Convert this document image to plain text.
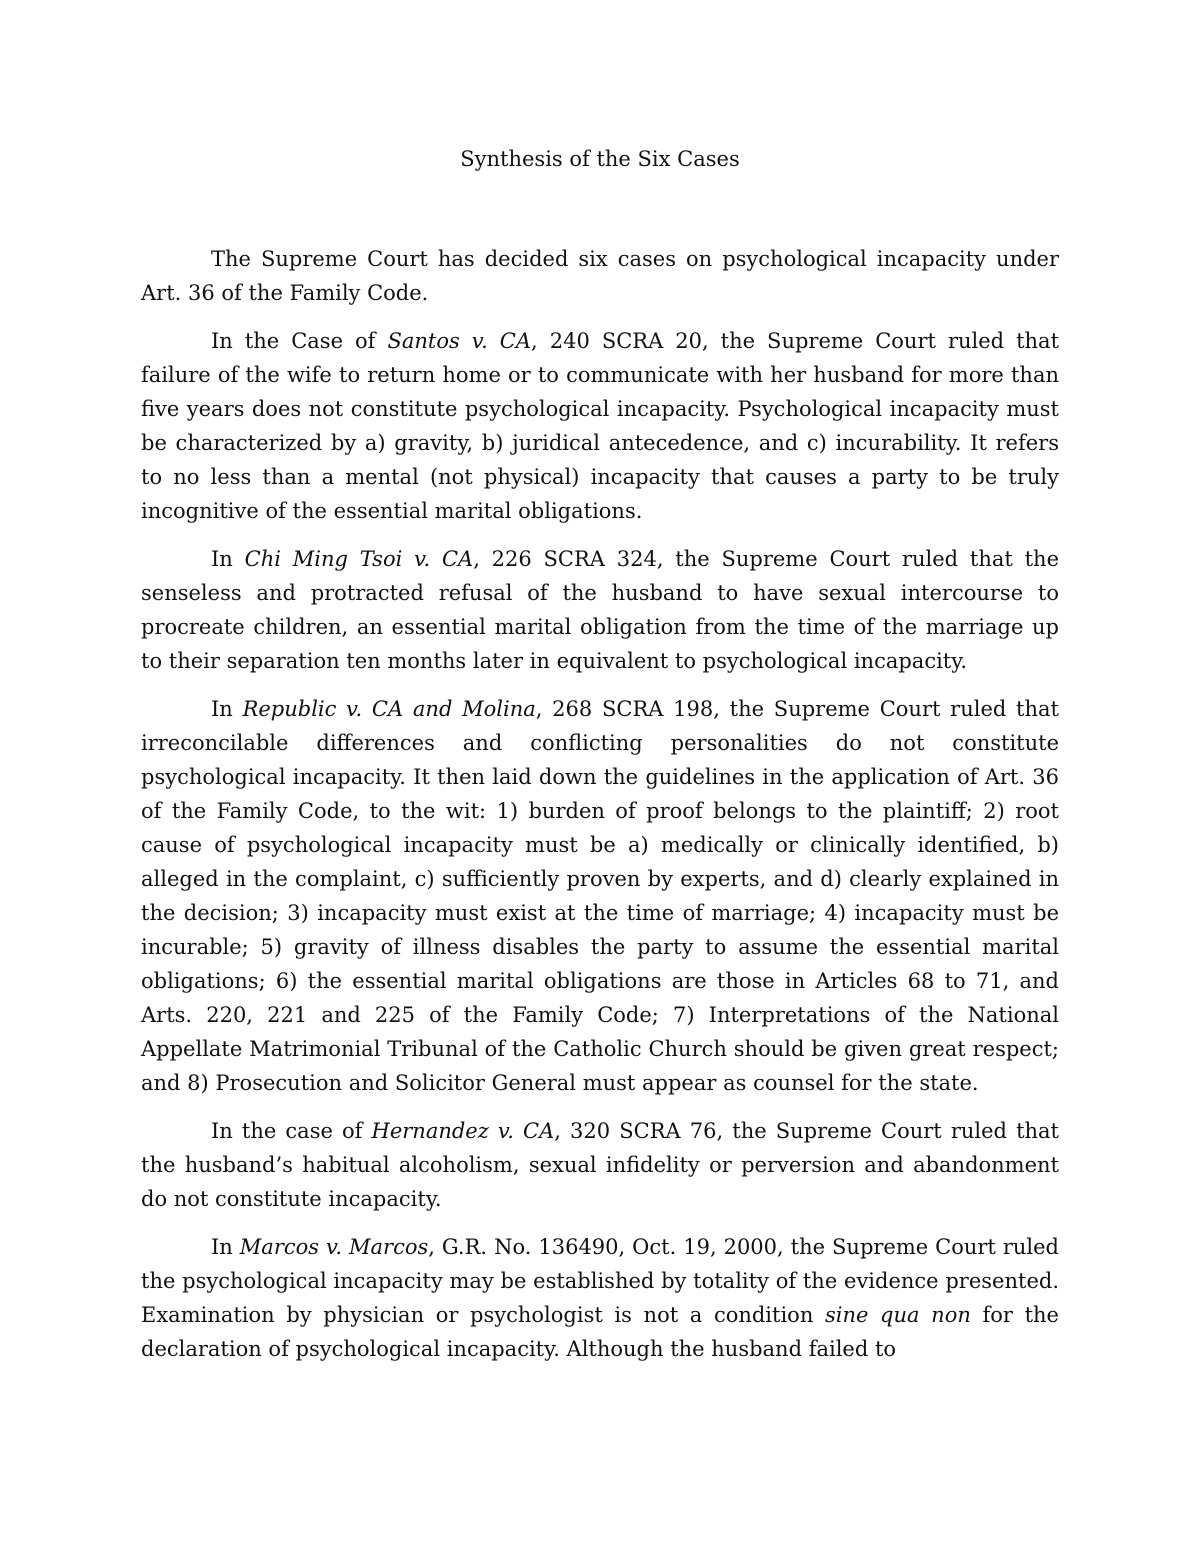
Synthesis of the Six Cases

The Supreme Court has decided six cases on psychological incapacity under Art. 36 of the Family Code.

In the Case of Santos v. CA, 240 SCRA 20, the Supreme Court ruled that failure of the wife to return home or to communicate with her husband for more than five years does not constitute psychological incapacity. Psychological incapacity must be characterized by a) gravity, b) juridical antecedence, and c) incurability. It refers to no less than a mental (not physical) incapacity that causes a party to be truly incognitive of the essential marital obligations.

In Chi Ming Tsoi v. CA, 226 SCRA 324, the Supreme Court ruled that the senseless and protracted refusal of the husband to have sexual intercourse to procreate children, an essential marital obligation from the time of the marriage up to their separation ten months later in equivalent to psychological incapacity.

In Republic v. CA and Molina, 268 SCRA 198, the Supreme Court ruled that irreconcilable differences and conflicting personalities do not constitute psychological incapacity. It then laid down the guidelines in the application of Art. 36 of the Family Code, to the wit: 1) burden of proof belongs to the plaintiff; 2) root cause of psychological incapacity must be a) medically or clinically identified, b) alleged in the complaint, c) sufficiently proven by experts, and d) clearly explained in the decision; 3) incapacity must exist at the time of marriage; 4) incapacity must be incurable; 5) gravity of illness disables the party to assume the essential marital obligations; 6) the essential marital obligations are those in Articles 68 to 71, and Arts. 220, 221 and 225 of the Family Code; 7) Interpretations of the National Appellate Matrimonial Tribunal of the Catholic Church should be given great respect; and 8) Prosecution and Solicitor General must appear as counsel for the state.

In the case of Hernandez v. CA, 320 SCRA 76, the Supreme Court ruled that the husband’s habitual alcoholism, sexual infidelity or perversion and abandonment do not constitute incapacity.

In Marcos v. Marcos, G.R. No. 136490, Oct. 19, 2000, the Supreme Court ruled the psychological incapacity may be established by totality of the evidence presented. Examination by physician or psychologist is not a condition sine qua non for the declaration of psychological incapacity. Although the husband failed to
